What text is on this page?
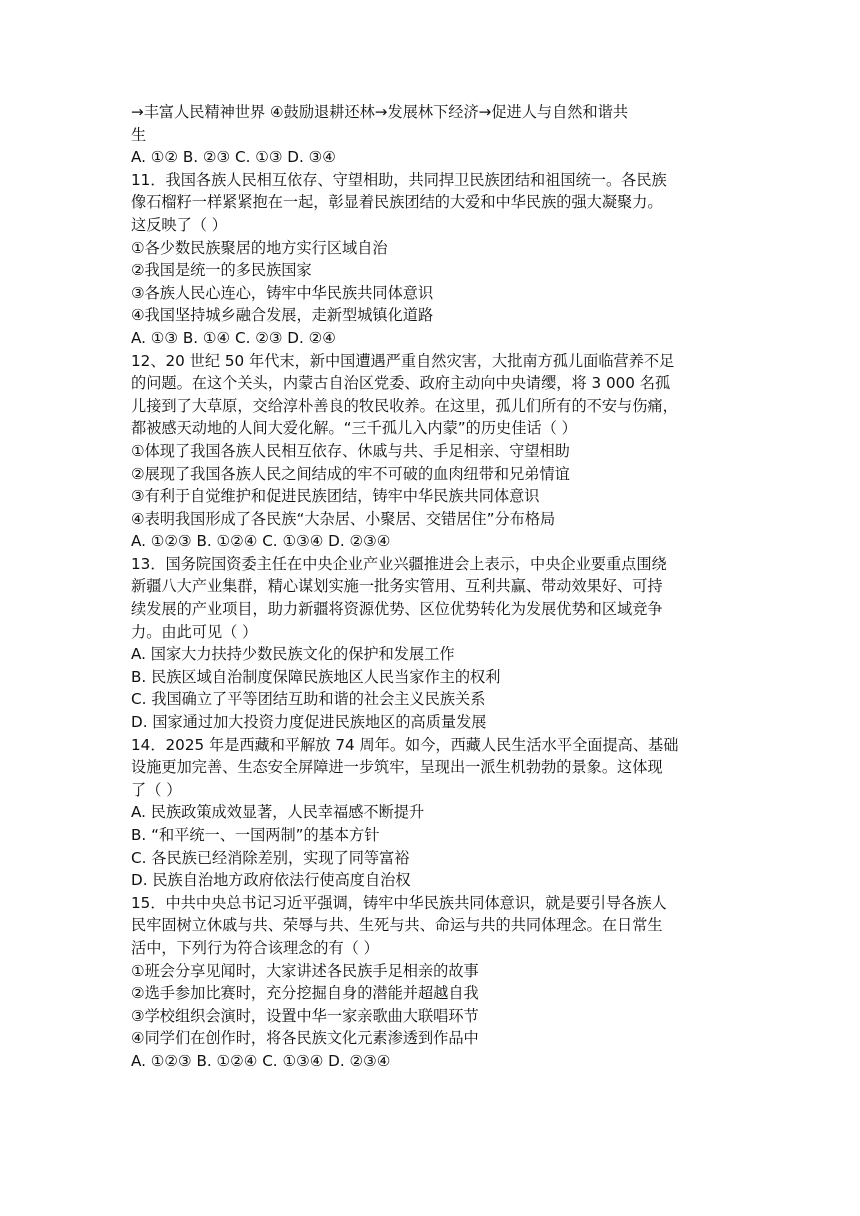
→丰富人民精神世界 ④鼓励退耕还林→发展林下经济→促进人与自然和谐共
生
A. ①② B. ②③ C. ①③ D. ③④
11．我国各族人民相互依存、守望相助，共同捍卫民族团结和祖国统一。各民族
像石榴籽一样紧紧抱在一起，彰显着民族团结的大爱和中华民族的强大凝聚力。
这反映了（ ）
①各少数民族聚居的地方实行区域自治
②我国是统一的多民族国家
③各族人民心连心，铸牢中华民族共同体意识
④我国坚持城乡融合发展，走新型城镇化道路
A. ①③ B. ①④ C. ②③ D. ②④
12、20 世纪 50 年代末，新中国遭遇严重自然灾害，大批南方孤儿面临营养不足
的问题。在这个关头，内蒙古自治区党委、政府主动向中央请缨，将 3 000 名孤
儿接到了大草原，交给淳朴善良的牧民收养。在这里，孤儿们所有的不安与伤痛，
都被感天动地的人间大爱化解。“三千孤儿入内蒙”的历史佳话（ ）
①体现了我国各族人民相互依存、休戚与共、手足相亲、守望相助
②展现了我国各族人民之间结成的牢不可破的血肉纽带和兄弟情谊
③有利于自觉维护和促进民族团结，铸牢中华民族共同体意识
④表明我国形成了各民族“大杂居、小聚居、交错居住”分布格局
A. ①②③ B. ①②④ C. ①③④ D. ②③④
13．国务院国资委主任在中央企业产业兴疆推进会上表示，中央企业要重点围绕
新疆八大产业集群，精心谋划实施一批务实管用、互利共赢、带动效果好、可持
续发展的产业项目，助力新疆将资源优势、区位优势转化为发展优势和区域竞争
力。由此可见（ ）
A. 国家大力扶持少数民族文化的保护和发展工作
B. 民族区域自治制度保障民族地区人民当家作主的权利
C. 我国确立了平等团结互助和谐的社会主义民族关系
D. 国家通过加大投资力度促进民族地区的高质量发展
14．2025 年是西藏和平解放 74 周年。如今，西藏人民生活水平全面提高、基础
设施更加完善、生态安全屏障进一步筑牢，呈现出一派生机勃勃的景象。这体现
了（ ）
A. 民族政策成效显著，人民幸福感不断提升
B. “和平统一、一国两制”的基本方针
C. 各民族已经消除差别，实现了同等富裕
D. 民族自治地方政府依法行使高度自治权
15．中共中央总书记习近平强调，铸牢中华民族共同体意识，就是要引导各族人
民牢固树立休戚与共、荣辱与共、生死与共、命运与共的共同体理念。在日常生
活中，下列行为符合该理念的有（ ）
①班会分享见闻时，大家讲述各民族手足相亲的故事
②选手参加比赛时，充分挖掘自身的潜能并超越自我
③学校组织会演时，设置中华一家亲歌曲大联唱环节
④同学们在创作时，将各民族文化元素渗透到作品中
A. ①②③ B. ①②④ C. ①③④ D. ②③④
